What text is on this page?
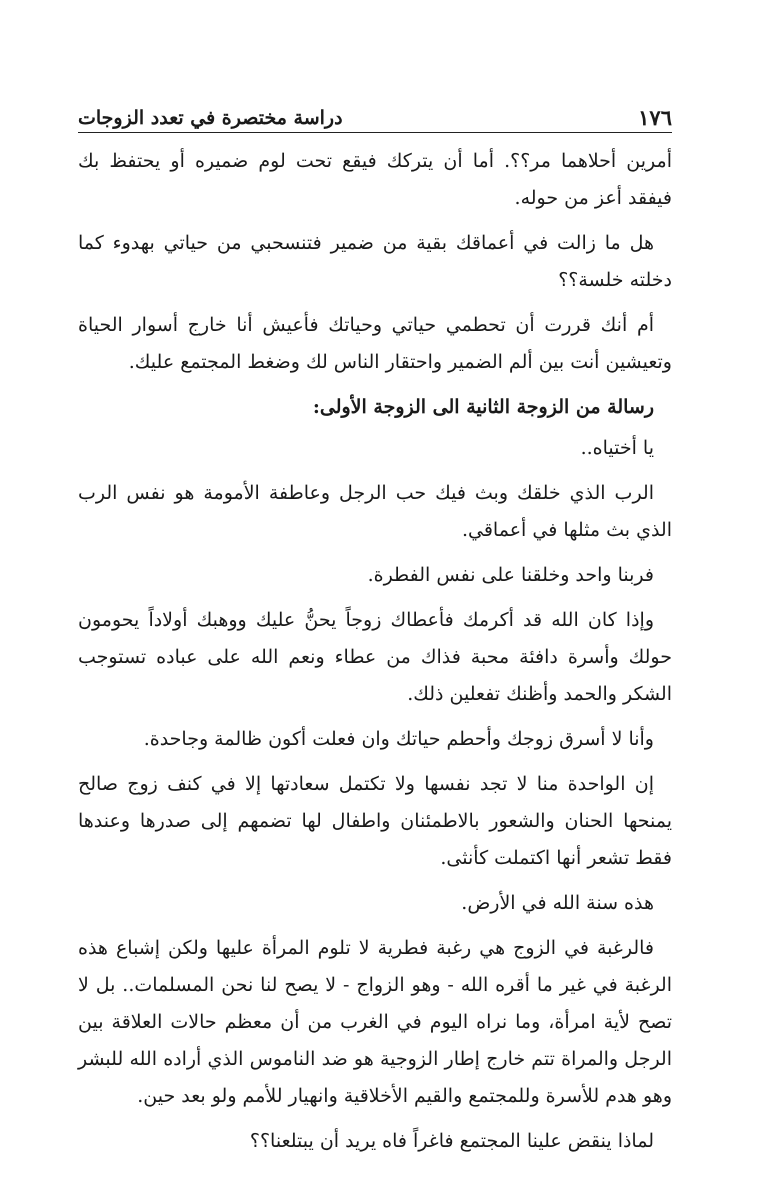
١٧٦
دراسة مختصرة في تعدد الزوجات

أمرين أحلاهما مر؟؟. أما أن يتركك فيقع تحت لوم ضميره أو يحتفظ بك فيفقد أعز من حوله.

هل ما زالت في أعماقك بقية من ضمير فتنسحبي من حياتي بهدوء كما دخلته خلسة؟؟

أم أنك قررت أن تحطمي حياتي وحياتك فأعيش أنا خارج أسوار الحياة وتعيشين أنت بين ألم الضمير واحتقار الناس لك وضغط المجتمع عليك.

رسالة من الزوجة الثانية الى الزوجة الأولى:

يا أختياه..

الرب الذي خلقك وبث فيك حب الرجل وعاطفة الأمومة هو نفس الرب الذي بث مثلها في أعماقي.

فربنا واحد وخلقنا على نفس الفطرة.

وإذا كان الله قد أكرمك فأعطاك زوجاً يحنُّ عليك ووهبك أولاداً يحومون حولك وأسرة دافئة محبة فذاك من عطاء ونعم الله على عباده تستوجب الشكر والحمد وأظنك تفعلين ذلك.

وأنا لا أسرق زوجك وأحطم حياتك وان فعلت أكون ظالمة وجاحدة.

إن الواحدة منا لا تجد نفسها ولا تكتمل سعادتها إلا في كنف زوج صالح يمنحها الحنان والشعور بالاطمئنان واطفال لها تضمهم إلى صدرها وعندها فقط تشعر أنها اكتملت كأنثى.

هذه سنة الله في الأرض.

فالرغبة في الزوج هي رغبة فطرية لا تلوم المرأة عليها ولكن إشباع هذه الرغبة في غير ما أقره الله - وهو الزواج - لا يصح لنا نحن المسلمات.. بل لا تصح لأية امرأة، وما نراه اليوم في الغرب من أن معظم حالات العلاقة بين الرجل والمراة تتم خارج إطار الزوجية هو ضد الناموس الذي أراده الله للبشر وهو هدم للأسرة وللمجتمع والقيم الأخلاقية وانهيار للأمم ولو بعد حين.

لماذا ينقض علينا المجتمع فاغراً فاه يريد أن يبتلعنا؟؟
